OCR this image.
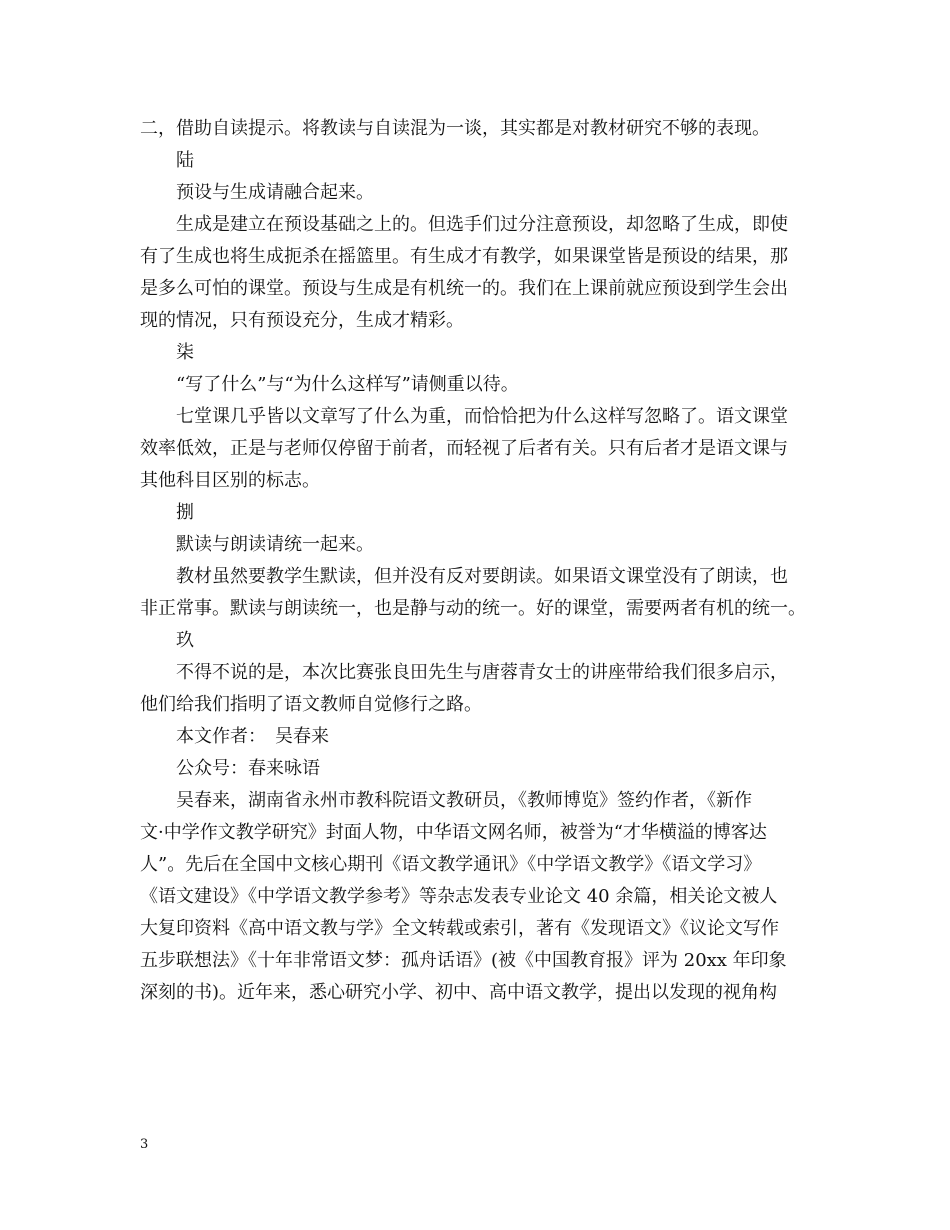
二，借助自读提示。将教读与自读混为一谈，其实都是对教材研究不够的表现。
陆
预设与生成请融合起来。
生成是建立在预设基础之上的。但选手们过分注意预设，却忽略了生成，即使
有了生成也将生成扼杀在摇篮里。有生成才有教学，如果课堂皆是预设的结果，那
是多么可怕的课堂。预设与生成是有机统一的。我们在上课前就应预设到学生会出
现的情况，只有预设充分，生成才精彩。
柒
“写了什么”与“为什么这样写”请侧重以待。
七堂课几乎皆以文章写了什么为重，而恰恰把为什么这样写忽略了。语文课堂
效率低效，正是与老师仅停留于前者，而轻视了后者有关。只有后者才是语文课与
其他科目区别的标志。
捌
默读与朗读请统一起来。
教材虽然要教学生默读，但并没有反对要朗读。如果语文课堂没有了朗读，也
非正常事。默读与朗读统一，也是静与动的统一。好的课堂，需要两者有机的统一。
玖
不得不说的是，本次比赛张良田先生与唐蓉青女士的讲座带给我们很多启示，
他们给我们指明了语文教师自觉修行之路。
本文作者：　吴春来
公众号：春来咏语
吴春来，湖南省永州市教科院语文教研员，《教师博览》签约作者，《新作
文·中学作文教学研究》封面人物，中华语文网名师，被誉为“才华横溢的博客达
人”。先后在全国中文核心期刊《语文教学通讯》《中学语文教学》《语文学习》
《语文建设》《中学语文教学参考》等杂志发表专业论文 40 余篇，相关论文被人
大复印资料《高中语文教与学》全文转载或索引，著有《发现语文》《议论文写作
五步联想法》《十年非常语文梦：孤舟话语》(被《中国教育报》评为 20xx 年印象
深刻的书)。近年来，悉心研究小学、初中、高中语文教学，提出以发现的视角构
3
